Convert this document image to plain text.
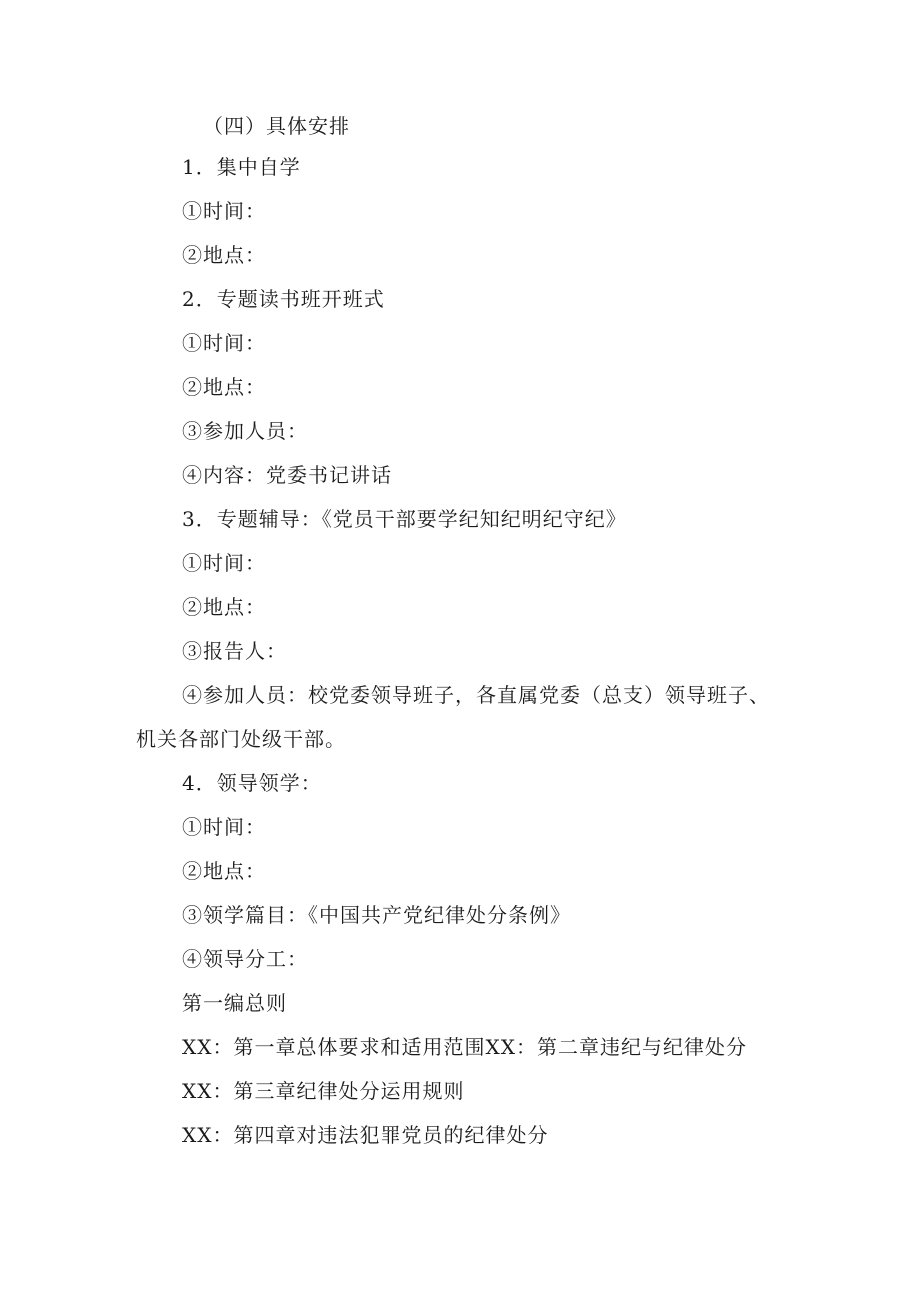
（四）具体安排
1．集中自学
①时间：
②地点：
2．专题读书班开班式
①时间：
②地点：
③参加人员：
④内容：党委书记讲话
3．专题辅导：《党员干部要学纪知纪明纪守纪》
①时间：
②地点：
③报告人：
④参加人员：校党委领导班子，各直属党委（总支）领导班子、
机关各部门处级干部。
4．领导领学：
①时间：
②地点：
③领学篇目：《中国共产党纪律处分条例》
④领导分工：
第一编总则
XX：第一章总体要求和适用范围XX：第二章违纪与纪律处分
XX：第三章纪律处分运用规则
XX：第四章对违法犯罪党员的纪律处分
